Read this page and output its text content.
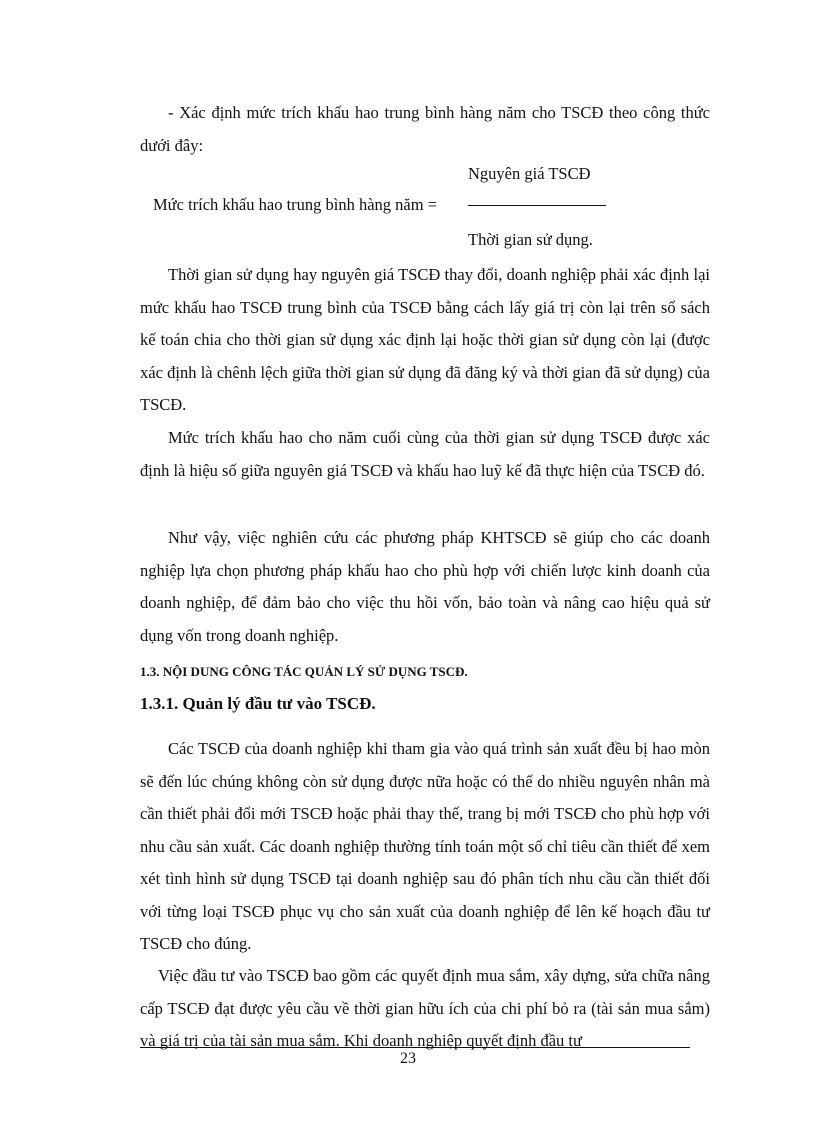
- Xác định mức trích khấu hao trung bình hàng năm cho TSCĐ theo công thức dưới đây:

Mức trích khấu hao trung bình hàng năm =
Nguyên giá TSCĐ
Thời gian sử dụng.

Thời gian sử dụng hay nguyên giá TSCĐ thay đổi, doanh nghiệp phải xác định lại mức khấu hao TSCĐ trung bình của TSCĐ bằng cách lấy giá trị còn lại trên sổ sách kế toán chia cho thời gian sử dụng xác định lại hoặc thời gian sử dụng còn lại (được xác định là chênh lệch giữa thời gian sử dụng đã đăng ký và thời gian đã sử dụng) của TSCĐ.

Mức trích khấu hao cho năm cuối cùng của thời gian sử dụng TSCĐ được xác định là hiệu số giữa nguyên giá TSCĐ và khấu hao luỹ kế đã thực hiện của TSCĐ đó.

Như vậy, việc nghiên cứu các phương pháp KHTSCĐ sẽ giúp cho các doanh nghiệp lựa chọn phương pháp khấu hao cho phù hợp với chiến lược kinh doanh của doanh nghiệp, để đảm bảo cho việc thu hồi vốn, bảo toàn và nâng cao hiệu quả sử dụng vốn trong doanh nghiệp.

1.3. NỘI DUNG CÔNG TÁC QUẢN LÝ SỬ DỤNG TSCĐ.
1.3.1. Quản lý đầu tư vào TSCĐ.

Các TSCĐ của doanh nghiệp khi tham gia vào quá trình sản xuất đều bị hao mòn sẽ đến lúc chúng không còn sử dụng được nữa hoặc có thể do nhiều nguyên nhân mà cần thiết phải đổi mới TSCĐ hoặc phải thay thế, trang bị mới TSCĐ cho phù hợp với nhu cầu sản xuất. Các doanh nghiệp thường tính toán một số chỉ tiêu cần thiết để xem xét tình hình sử dụng TSCĐ tại doanh nghiệp sau đó phân tích nhu cầu cần thiết đối với từng loại TSCĐ phục vụ cho sản xuất của doanh nghiệp để lên kế hoạch đầu tư TSCĐ cho đúng.

Việc đầu tư vào TSCĐ bao gồm các quyết định mua sắm, xây dựng, sửa chữa nâng cấp TSCĐ đạt được yêu cầu về thời gian hữu ích của chi phí bỏ ra (tài sản mua sắm) và giá trị của tài sản mua sắm. Khi doanh nghiệp quyết định đầu tư

23
